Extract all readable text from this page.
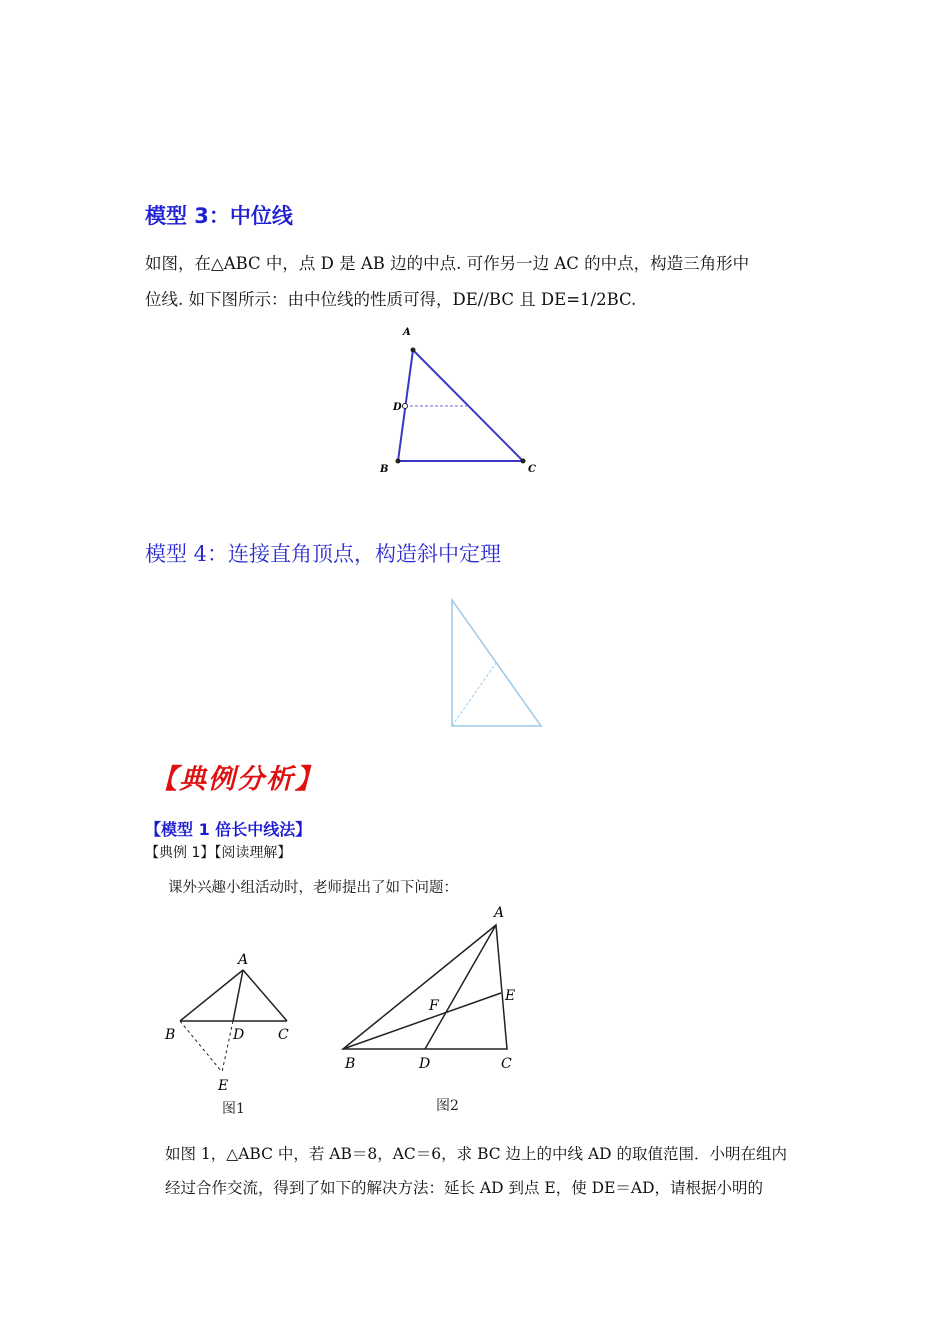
模型 3：中位线
如图，在△ABC 中，点 D 是 AB 边的中点. 可作另一边 AC 的中点，构造三角形中
位线. 如下图所示：由中位线的性质可得，DE//BC 且 DE=1/2BC.
A
D
B	C
模型 4：连接直角顶点，构造斜中定理
【典例分析】
【模型 1 倍长中线法】
【典例 1】【阅读理解】
课外兴趣小组活动时，老师提出了如下问题：
A
B	D C
E
图1
A
E
F
B	D	C
图2
如图 1，△ABC 中，若 AB＝8，AC＝6，求 BC 边上的中线 AD 的取值范围．小明在组内
经过合作交流，得到了如下的解决方法：延长 AD 到点 E，使 DE＝AD，请根据小明的
